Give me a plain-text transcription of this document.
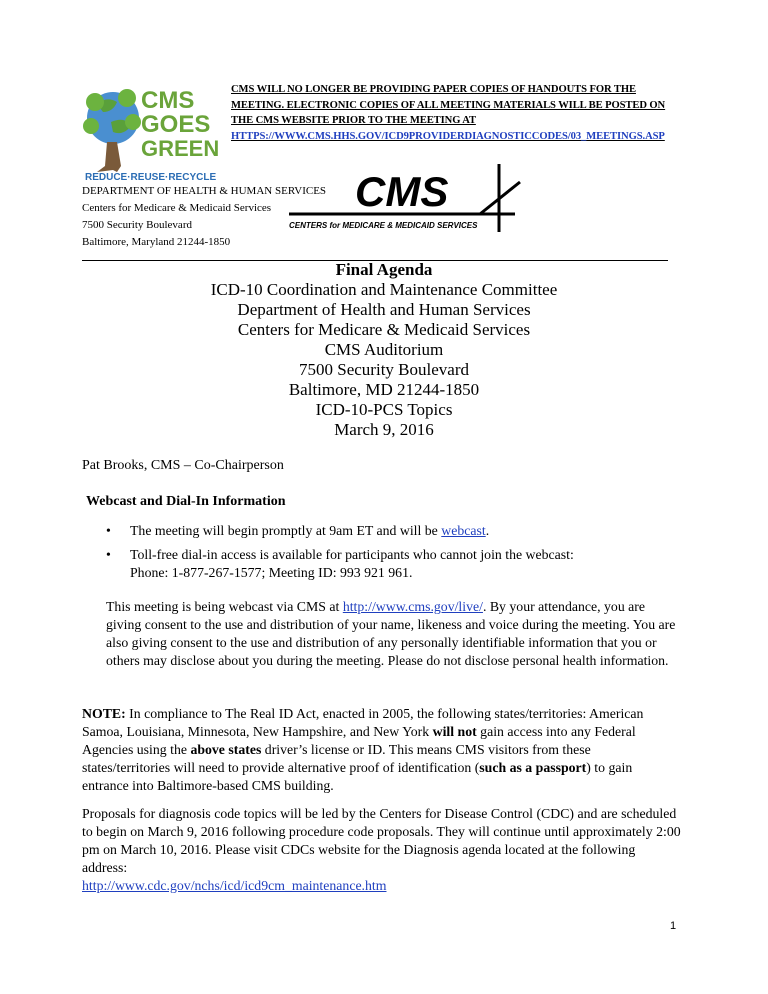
CMS WILL NO LONGER BE PROVIDING PAPER COPIES OF HANDOUTS FOR THE MEETING. ELECTRONIC COPIES OF ALL MEETING MATERIALS WILL BE POSTED ON THE CMS WEBSITE PRIOR TO THE MEETING AT HTTPS://WWW.CMS.HHS.GOV/ICD9PROVIDERDIAGNOSTICCODES/03_MEETINGS.ASP
CMS
GOES
GREEN
REDUCE·REUSE·RECYCLE
DEPARTMENT OF HEALTH & HUMAN SERVICES
Centers for Medicare & Medicaid Services
7500 Security Boulevard
Baltimore, Maryland 21244-1850
CMS
CENTERS for MEDICARE & MEDICAID SERVICES
Final Agenda
ICD-10 Coordination and Maintenance Committee
Department of Health and Human Services
Centers for Medicare & Medicaid Services
CMS Auditorium
7500 Security Boulevard
Baltimore, MD 21244-1850
ICD-10-PCS Topics
March 9, 2016
Pat Brooks, CMS – Co-Chairperson
Webcast and Dial-In Information
• The meeting will begin promptly at 9am ET and will be webcast.
• Toll-free dial-in access is available for participants who cannot join the webcast:
Phone: 1-877-267-1577; Meeting ID: 993 921 961.
This meeting is being webcast via CMS at http://www.cms.gov/live/. By your attendance, you are giving consent to the use and distribution of your name, likeness and voice during the meeting. You are also giving consent to the use and distribution of any personally identifiable information that you or others may disclose about you during the meeting. Please do not disclose personal health information.
NOTE: In compliance to The Real ID Act, enacted in 2005, the following states/territories: American Samoa, Louisiana, Minnesota, New Hampshire, and New York will not gain access into any Federal Agencies using the above states driver’s license or ID. This means CMS visitors from these states/territories will need to provide alternative proof of identification (such as a passport) to gain entrance into Baltimore-based CMS building.
Proposals for diagnosis code topics will be led by the Centers for Disease Control (CDC) and are scheduled to begin on March 9, 2016 following procedure code proposals. They will continue until approximately 2:00 pm on March 10, 2016. Please visit CDCs website for the Diagnosis agenda located at the following address:
http://www.cdc.gov/nchs/icd/icd9cm_maintenance.htm
1
